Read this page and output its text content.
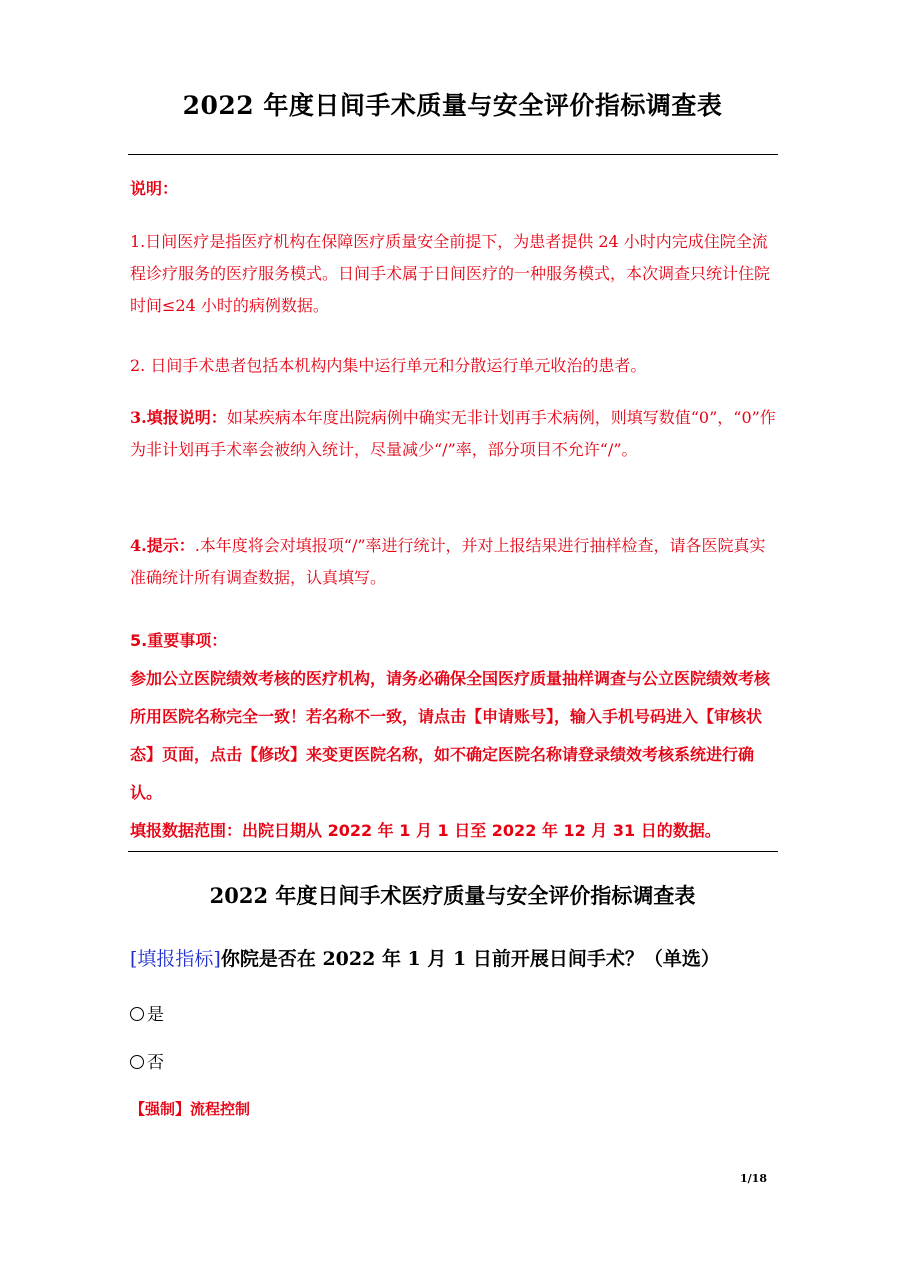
2022 年度日间手术质量与安全评价指标调查表

说明：

1.日间医疗是指医疗机构在保障医疗质量安全前提下，为患者提供 24 小时内完成住院全流程诊疗服务的医疗服务模式。日间手术属于日间医疗的一种服务模式，本次调查只统计住院时间≤24 小时的病例数据。

2. 日间手术患者包括本机构内集中运行单元和分散运行单元收治的患者。

3.填报说明：如某疾病本年度出院病例中确实无非计划再手术病例，则填写数值“0”，“0”作为非计划再手术率会被纳入统计，尽量减少“/”率，部分项目不允许“/”。

4.提示：.本年度将会对填报项“/”率进行统计，并对上报结果进行抽样检查，请各医院真实准确统计所有调查数据，认真填写。

5.重要事项：
参加公立医院绩效考核的医疗机构，请务必确保全国医疗质量抽样调查与公立医院绩效考核所用医院名称完全一致！若名称不一致，请点击【申请账号】，输入手机号码进入【审核状态】页面，点击【修改】来变更医院名称，如不确定医院名称请登录绩效考核系统进行确认。
填报数据范围：出院日期从 2022 年 1 月 1 日至 2022 年 12 月 31 日的数据。
2022 年度日间手术医疗质量与安全评价指标调查表

[填报指标]你院是否在 2022 年 1 月 1 日前开展日间手术？（单选）

是

否

【强制】流程控制

1/18
